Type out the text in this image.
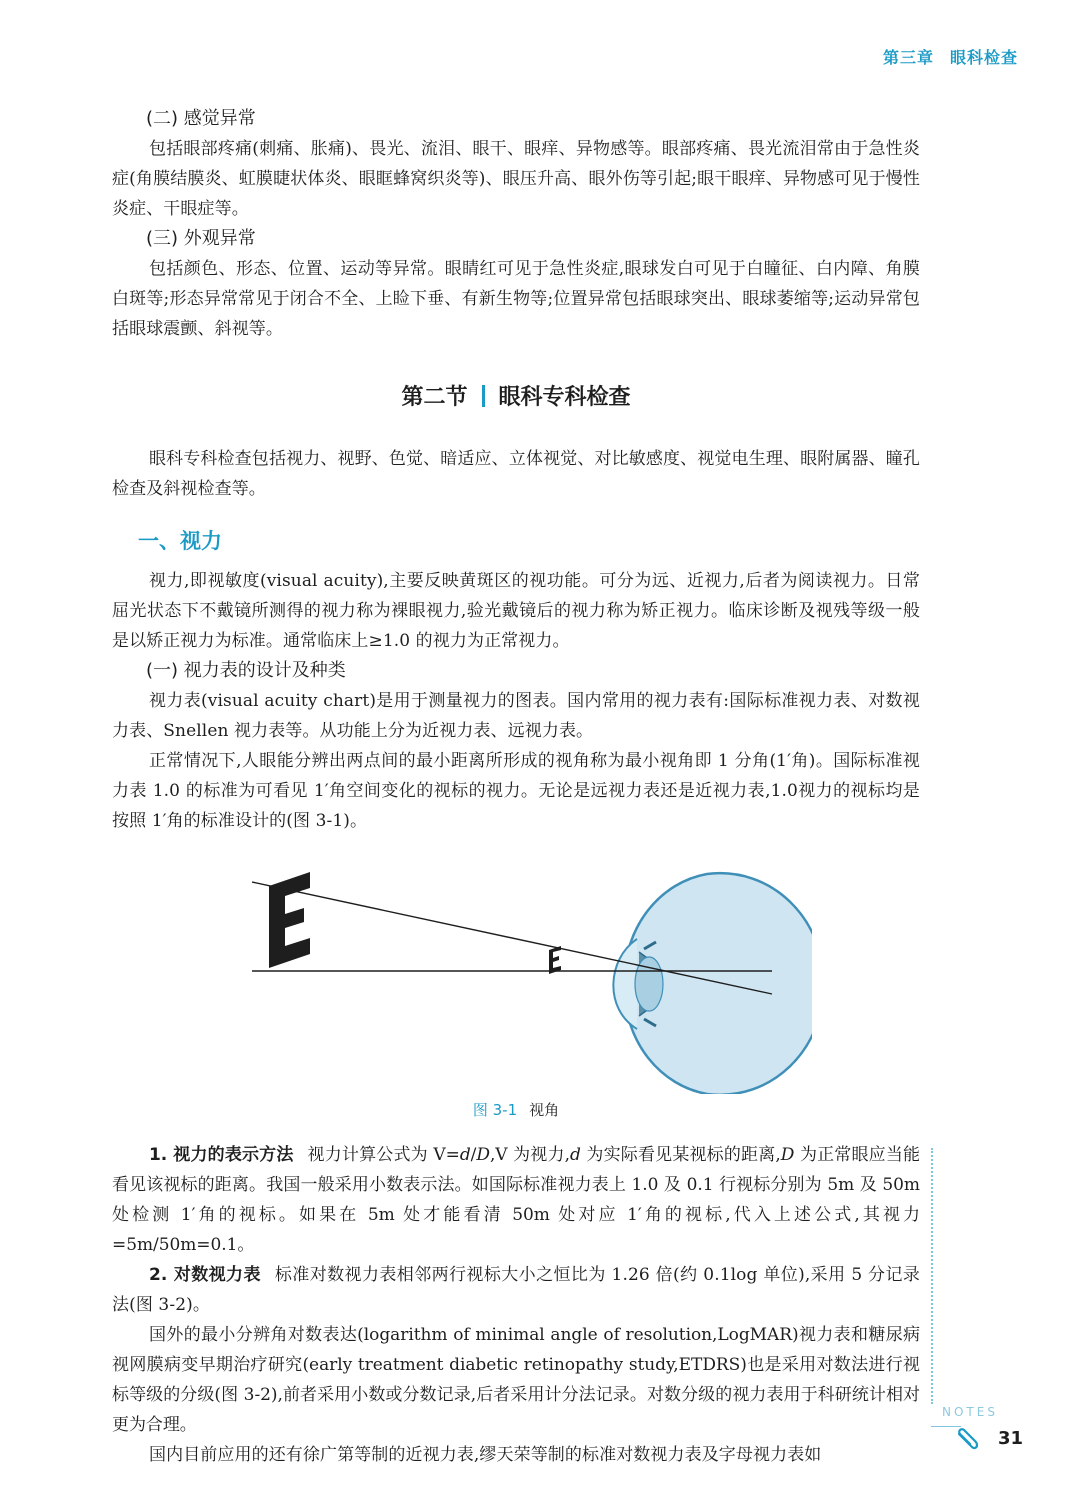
第三章 眼科检查
(二) 感觉异常

包括眼部疼痛(刺痛、胀痛)、畏光、流泪、眼干、眼痒、异物感等。眼部疼痛、畏光流泪常由于急性炎症(角膜结膜炎、虹膜睫状体炎、眼眶蜂窝织炎等)、眼压升高、眼外伤等引起;眼干眼痒、异物感可见于慢性炎症、干眼症等。

(三) 外观异常

包括颜色、形态、位置、运动等异常。眼睛红可见于急性炎症,眼球发白可见于白瞳征、白内障、角膜白斑等;形态异常常见于闭合不全、上睑下垂、有新生物等;位置异常包括眼球突出、眼球萎缩等;运动异常包括眼球震颤、斜视等。

第二节 眼科专科检查

眼科专科检查包括视力、视野、色觉、暗适应、立体视觉、对比敏感度、视觉电生理、眼附属器、瞳孔检查及斜视检查等。

一、视力

视力,即视敏度(visual acuity),主要反映黄斑区的视功能。可分为远、近视力,后者为阅读视力。日常屈光状态下不戴镜所测得的视力称为裸眼视力,验光戴镜后的视力称为矫正视力。临床诊断及视残等级一般是以矫正视力为标准。通常临床上≥1.0 的视力为正常视力。

(一) 视力表的设计及种类

视力表(visual acuity chart)是用于测量视力的图表。国内常用的视力表有:国际标准视力表、对数视力表、Snellen 视力表等。从功能上分为近视力表、远视力表。

正常情况下,人眼能分辨出两点间的最小距离所形成的视角称为最小视角即 1 分角(1′角)。国际标准视力表 1.0 的标准为可看见 1′角空间变化的视标的视力。无论是远视力表还是近视力表,1.0视力的视标均是按照 1′角的标准设计的(图 3-1)。

图 3-1 视角

1. 视力的表示方法 视力计算公式为 V=d/D,V 为视力,d 为实际看见某视标的距离,D 为正常眼应当能看见该视标的距离。我国一般采用小数表示法。如国际标准视力表上 1.0 及 0.1 行视标分别为 5m 及 50m 处检测 1′角的视标。如果在 5m 处才能看清 50m 处对应 1′角的视标,代入上述公式,其视力 =5m/50m=0.1。

2. 对数视力表 标准对数视力表相邻两行视标大小之恒比为 1.26 倍(约 0.1log 单位),采用 5 分记录法(图 3-2)。

国外的最小分辨角对数表达(logarithm of minimal angle of resolution,LogMAR)视力表和糖尿病视网膜病变早期治疗研究(early treatment diabetic retinopathy study,ETDRS)也是采用对数法进行视标等级的分级(图 3-2),前者采用小数或分数记录,后者采用计分法记录。对数分级的视力表用于科研统计相对更为合理。

国内目前应用的还有徐广第等制的近视力表,缪天荣等制的标准对数视力表及字母视力表如

NOTES
31
